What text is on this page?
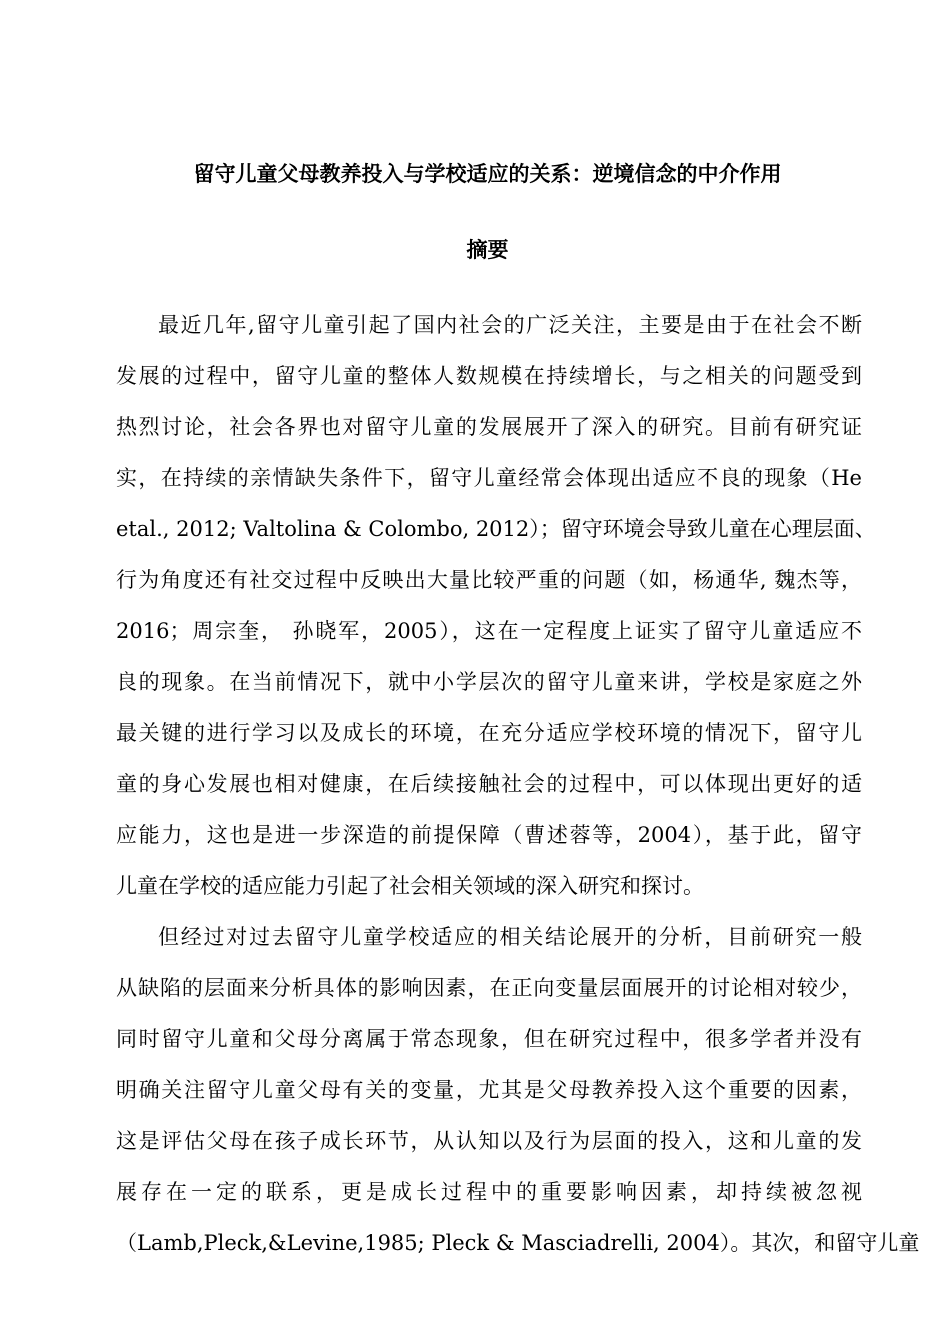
留守儿童父母教养投入与学校适应的关系：逆境信念的中介作用
摘要

最近几年,留守儿童引起了国内社会的广泛关注，主要是由于在社会不断

发展的过程中，留守儿童的整体人数规模在持续增长，与之相关的问题受到

热烈讨论，社会各界也对留守儿童的发展展开了深入的研究。目前有研究证

实，在持续的亲情缺失条件下，留守儿童经常会体现出适应不良的现象（He

etal., 2012; Valtolina & Colombo, 2012）；留守环境会导致儿童在心理层面、

行为角度还有社交过程中反映出大量比较严重的问题（如，杨通华, 魏杰等，

2016；周宗奎， 孙晓军，2005），这在一定程度上证实了留守儿童适应不

良的现象。在当前情况下，就中小学层次的留守儿童来讲，学校是家庭之外

最关键的进行学习以及成长的环境，在充分适应学校环境的情况下，留守儿

童的身心发展也相对健康，在后续接触社会的过程中，可以体现出更好的适

应能力，这也是进一步深造的前提保障（曹述蓉等，2004），基于此，留守

儿童在学校的适应能力引起了社会相关领域的深入研究和探讨。

但经过对过去留守儿童学校适应的相关结论展开的分析，目前研究一般

从缺陷的层面来分析具体的影响因素，在正向变量层面展开的讨论相对较少，

同时留守儿童和父母分离属于常态现象，但在研究过程中，很多学者并没有

明确关注留守儿童父母有关的变量，尤其是父母教养投入这个重要的因素，

这是评估父母在孩子成长环节，从认知以及行为层面的投入，这和儿童的发

展存在一定的联系，更是成长过程中的重要影响因素，却持续被忽视

（Lamb,Pleck,&Levine,1985; Pleck & Masciadrelli, 2004）。其次，和留守儿童
